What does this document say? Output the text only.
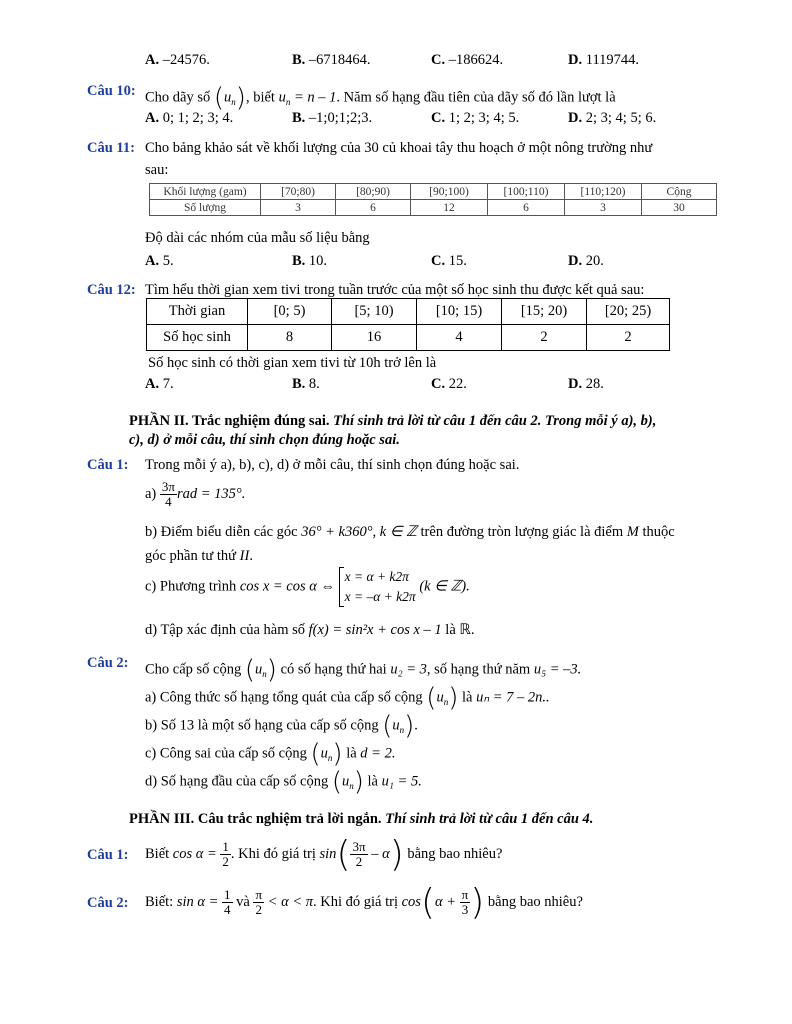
A. –24576.	B. –6718464.	C. –186624.	D. 1119744.
Câu 10: Cho dãy số $(u_n)$, biết $u_n = n - 1$. Năm số hạng đầu tiên của dãy số đó lần lượt là
A. 0; 1; 2; 3; 4.	B. –1;0;1;2;3.	C. 1; 2; 3; 4; 5.	D. 2; 3; 4; 5; 6.
Câu 11: Cho bảng khảo sát về khối lượng của 30 củ khoai tây thu hoạch ở một nông trường như
sau:
Khối lượng (gam)	[70;80)	[80;90)	[90;100)	[100;110)	[110;120)	Cộng
Số lượng	3	6	12	6	3	30
Độ dài các nhóm của mẫu số liệu bằng
A. 5.	B. 10.	C. 15.	D. 20.
Câu 12: Tìm hểu thời gian xem tivi trong tuần trước của một số học sinh thu được kết quả sau:
Thời gian	[0; 5)	[5; 10)	[10; 15)	[15; 20)	[20; 25)
Số học sinh	8	16	4	2	2
Số học sinh có thời gian xem tivi từ 10h trở lên là
A. 7.	B. 8.	C. 22.	D. 28.
PHẦN II. Trắc nghiệm đúng sai. Thí sinh trả lời từ câu 1 đến câu 2. Trong mỗi ý a), b),
c), d) ở mỗi câu, thí sinh chọn đúng hoặc sai.
Câu 1: Trong mỗi ý a), b), c), d) ở mỗi câu, thí sinh chọn đúng hoặc sai.
$a) \frac{3\pi}{4}$ rad = 135°.
b) Điểm biểu diễn các góc 36° + k360°, k ∈ ℤ trên đường tròn lượng giác là điểm M thuộc
góc phần tư thứ II.
c) Phương trình cos x = cos α ⇔
x = α + k2π
x = –α + k2π
(k ∈ ℤ).
d) Tập xác định của hàm số f(x) = sin²x + cos x – 1 là ℝ.
Câu 2: Cho cấp số cộng $(u_n)$ có số hạng thứ hai u₂ = 3, số hạng thứ năm u₅ = –3.
a) Công thức số hạng tổng quát của cấp số cộng $(u_n)$ là uₙ = 7 – 2n..
b) Số 13 là một số hạng của cấp số cộng $(u_n)$.
c) Công sai của cấp số cộng $(u_n)$ là d = 2.
d) Số hạng đầu của cấp số cộng $(u_n)$ là u₁ = 5.
PHẦN III. Câu trắc nghiệm trả lời ngắn. Thí sinh trả lời từ câu 1 đến câu 4.
Câu 1: Biết $\cos \alpha = \frac{1}{2}$ . Khi đó giá trị $\sin( \frac{3\pi}{2} - \alpha)$ bằng bao nhiêu?
Câu 2: Biết: $\sin \alpha = \frac{1}{4}$ và $\frac{\pi}{2} < \alpha < \pi$. Khi đó giá trị $\cos(\alpha + \frac{\pi}{3}$ ) bằng bao nhiêu?
